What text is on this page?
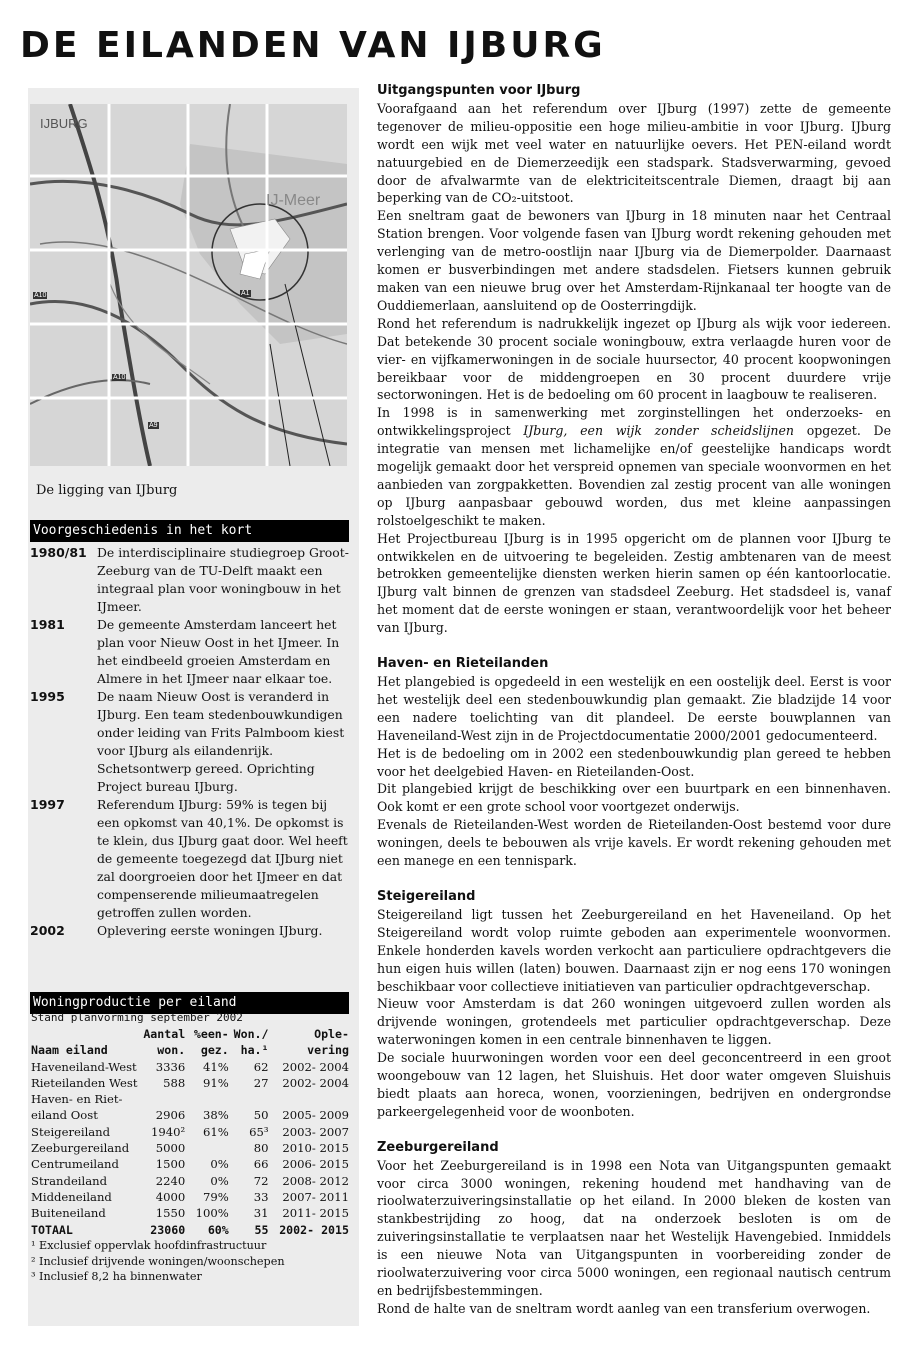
DE EILANDEN VAN IJBURG
IJBURG
IJ-Meer
A10	A1
A9
A10
De ligging van IJburg
Voorgeschiedenis in het kort
1980/81 De interdisciplinaire studiegroep Groot-Zeeburg van de TU-Delft maakt een integraal plan voor woningbouw in het IJmeer.
1981	De gemeente Amsterdam lanceert het plan voor Nieuw Oost in het IJmeer. In het eindbeeld groeien Amsterdam en Almere in het IJmeer naar elkaar toe.
1995	De naam Nieuw Oost is veranderd in IJburg. Een team stedenbouwkundigen onder leiding van Frits Palmboom kiest voor IJburg als eilandenrijk. Schetsontwerp gereed. Oprichting Project bureau IJburg.
1997	Referendum IJburg: 59% is tegen bij een opkomst van 40,1%. De opkomst is te klein, dus IJburg gaat door. Wel heeft de gemeente toegezegd dat IJburg niet zal doorgroeien door het IJmeer en dat compenserende milieumaatregelen getroffen zullen worden.
2002	Oplevering eerste woningen IJburg.
Woningproductie per eiland
Stand planvorming september 2002
Naam eiland	Aantal won.	%een- gez.	Won./ ha.¹	Ople- vering
Haveneiland-West	3336	41%	62	2002- 2004
Rieteilanden West	588	91%	27	2002- 2004
Haven- en Riet-				
eiland Oost	2906	38%	50	2005- 2009
Steigereiland	1940²	61%	65³	2003- 2007
Zeeburgereiland	5000		80	2010- 2015
Centrumeiland	1500	0%	66	2006- 2015
Strandeiland	2240	0%	72	2008- 2012
Middeneiland	4000	79%	33	2007- 2011
Buiteneiland	1550	100%	31	2011- 2015
TOTAAL	23060	60%	55	2002- 2015
¹ Exclusief oppervlak hoofdinfrastructuur
² Inclusief drijvende woningen/woonschepen
³ Inclusief 8,2 ha binnenwater
Uitgangspunten voor IJburg

Voorafgaand aan het referendum over IJburg (1997) zette de gemeente tegenover de milieu-oppositie een hoge milieu-ambitie in voor IJburg. IJburg wordt een wijk met veel water en natuurlijke oevers. Het PEN-eiland wordt natuurgebied en de Diemerzeedijk een stadspark. Stadsverwarming, gevoed door de afvalwarmte van de elektriciteitscentrale Diemen, draagt bij aan beperking van de CO₂-uitstoot.

Een sneltram gaat de bewoners van IJburg in 18 minuten naar het Centraal Station brengen. Voor volgende fasen van IJburg wordt rekening gehouden met verlenging van de metro-oostlijn naar IJburg via de Diemerpolder. Daarnaast komen er busverbindingen met andere stadsdelen. Fietsers kunnen gebruik maken van een nieuwe brug over het Amsterdam-Rijnkanaal ter hoogte van de Ouddiemerlaan, aansluitend op de Oosterringdijk.

Rond het referendum is nadrukkelijk ingezet op IJburg als wijk voor iedereen. Dat betekende 30 procent sociale woningbouw, extra verlaagde huren voor de vier- en vijfkamerwoningen in de sociale huursector, 40 procent koopwoningen bereikbaar voor de middengroepen en 30 procent duurdere vrije sectorwoningen. Het is de bedoeling om 60 procent in laagbouw te realiseren.

In 1998 is in samenwerking met zorginstellingen het onderzoeks- en ontwikkelingsproject IJburg, een wijk zonder scheidslijnen opgezet. De integratie van mensen met lichamelijke en/of geestelijke handicaps wordt mogelijk gemaakt door het verspreid opnemen van speciale woonvormen en het aanbieden van zorgpakketten. Bovendien zal zestig procent van alle woningen op IJburg aanpasbaar gebouwd worden, dus met kleine aanpassingen rolstoelgeschikt te maken.

Het Projectbureau IJburg is in 1995 opgericht om de plannen voor IJburg te ontwikkelen en de uitvoering te begeleiden. Zestig ambtenaren van de meest betrokken gemeentelijke diensten werken hierin samen op één kantoorlocatie. IJburg valt binnen de grenzen van stadsdeel Zeeburg. Het stadsdeel is, vanaf het moment dat de eerste woningen er staan, verantwoordelijk voor het beheer van IJburg.

Haven- en Rieteilanden

Het plangebied is opgedeeld in een westelijk en een oostelijk deel. Eerst is voor het westelijk deel een stedenbouwkundig plan gemaakt. Zie bladzijde 14 voor een nadere toelichting van dit plandeel. De eerste bouwplannen van Haveneiland-West zijn in de Projectdocumentatie 2000/2001 gedocumenteerd.

Het is de bedoeling om in 2002 een stedenbouwkundig plan gereed te hebben voor het deelgebied Haven- en Rieteilanden-Oost.

Dit plangebied krijgt de beschikking over een buurtpark en een binnenhaven. Ook komt er een grote school voor voortgezet onderwijs.

Evenals de Rieteilanden-West worden de Rieteilanden-Oost bestemd voor dure woningen, deels te bebouwen als vrije kavels. Er wordt rekening gehouden met een manege en een tennispark.

Steigereiland

Steigereiland ligt tussen het Zeeburgereiland en het Haveneiland. Op het Steigereiland wordt volop ruimte geboden aan experimentele woonvormen. Enkele honderden kavels worden verkocht aan particuliere opdrachtgevers die hun eigen huis willen (laten) bouwen. Daarnaast zijn er nog eens 170 woningen beschikbaar voor collectieve initiatieven van particulier opdrachtgeverschap.

Nieuw voor Amsterdam is dat 260 woningen uitgevoerd zullen worden als drijvende woningen, grotendeels met particulier opdrachtgeverschap. Deze waterwoningen komen in een centrale binnenhaven te liggen.

De sociale huurwoningen worden voor een deel geconcentreerd in een groot woongebouw van 12 lagen, het Sluishuis. Het door water omgeven Sluishuis biedt plaats aan horeca, wonen, voorzieningen, bedrijven en ondergrondse parkeergelegenheid voor de woonboten.

Zeeburgereiland

Voor het Zeeburgereiland is in 1998 een Nota van Uitgangspunten gemaakt voor circa 3000 woningen, rekening houdend met handhaving van de rioolwaterzuiveringsinstallatie op het eiland. In 2000 bleken de kosten van stankbestrijding zo hoog, dat na onderzoek besloten is om de zuiveringsinstallatie te verplaatsen naar het Westelijk Havengebied. Inmiddels is een nieuwe Nota van Uitgangspunten in voorbereiding zonder de rioolwaterzuivering voor circa 5000 woningen, een regionaal nautisch centrum en bedrijfsbestemmingen.

Rond de halte van de sneltram wordt aanleg van een transferium overwogen.
